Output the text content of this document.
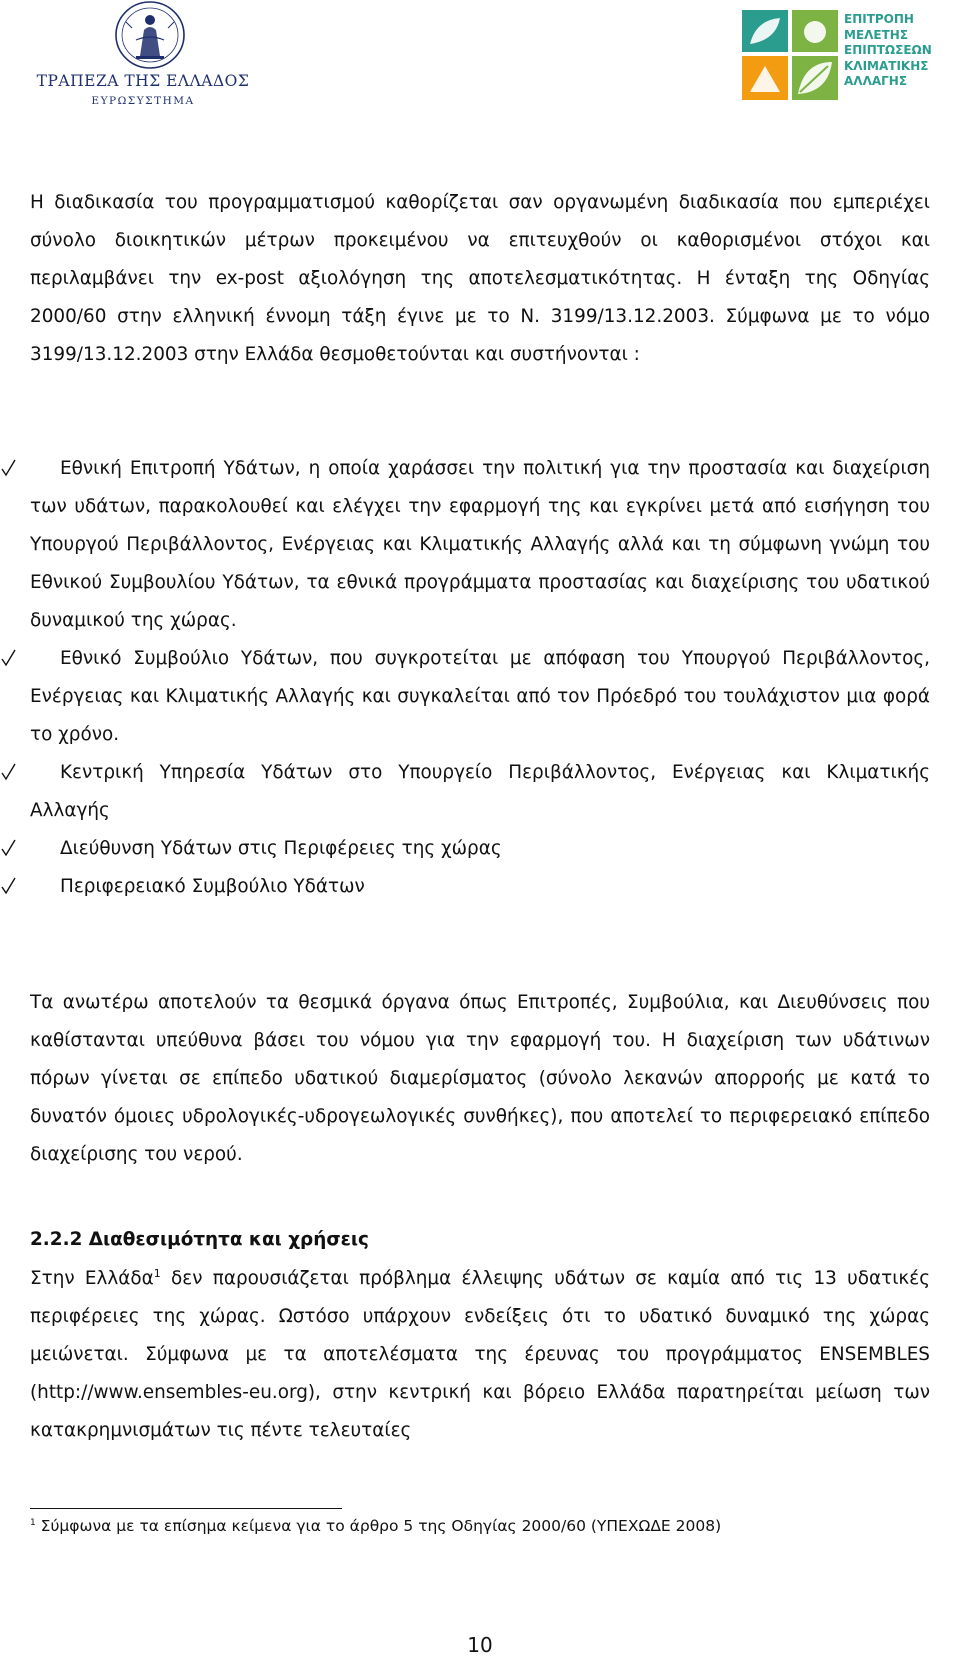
ΤΡΑΠΕΖΑ ΤΗΣ ΕΛΛΑΔΟΣ
ΕΥΡΩΣΥΣΤΗΜΑ
ΕΠΙΤΡΟΠΗ
ΜΕΛΕΤΗΣ
ΕΠΙΠΤΩΣΕΩΝ
ΚΛΙΜΑΤΙΚΗΣ
ΑΛΛΑΓΗΣ
Η διαδικασία του προγραμματισμού καθορίζεται σαν οργανωμένη διαδικασία που εμπεριέχει σύνολο διοικητικών μέτρων προκειμένου να επιτευχθούν οι καθορισμένοι στόχοι και περιλαμβάνει την ex-post αξιολόγηση της αποτελεσματικότητας. Η ένταξη της Οδηγίας 2000/60 στην ελληνική έννομη τάξη έγινε με το Ν. 3199/13.12.2003. Σύμφωνα με το νόμο 3199/13.12.2003 στην Ελλάδα θεσμοθετούνται και συστήνονται :
Εθνική Επιτροπή Υδάτων, η οποία χαράσσει την πολιτική για την προστασία και διαχείριση των υδάτων, παρακολουθεί και ελέγχει την εφαρμογή της και εγκρίνει μετά από εισήγηση του Υπουργού Περιβάλλοντος, Ενέργειας και Κλιματικής Αλλαγής αλλά και τη σύμφωνη γνώμη του Εθνικού Συμβουλίου Υδάτων, τα εθνικά προγράμματα προστασίας και διαχείρισης του υδατικού δυναμικού της χώρας.
Εθνικό Συμβούλιο Υδάτων, που συγκροτείται με απόφαση του Υπουργού Περιβάλλοντος, Ενέργειας και Κλιματικής Αλλαγής και συγκαλείται από τον Πρόεδρό του τουλάχιστον μια φορά το χρόνο.
Κεντρική Υπηρεσία Υδάτων στο Υπουργείο Περιβάλλοντος, Ενέργειας και Κλιματικής Αλλαγής
Διεύθυνση Υδάτων στις Περιφέρειες της χώρας
Περιφερειακό Συμβούλιο Υδάτων
Τα ανωτέρω αποτελούν τα θεσμικά όργανα όπως Επιτροπές, Συμβούλια, και Διευθύνσεις που καθίστανται υπεύθυνα βάσει του νόμου για την εφαρμογή του. Η διαχείριση των υδάτινων πόρων γίνεται σε επίπεδο υδατικού διαμερίσματος (σύνολο λεκανών απορροής με κατά το δυνατόν όμοιες υδρολογικές-υδρογεωλογικές συνθήκες), που αποτελεί το περιφερειακό επίπεδο διαχείρισης του νερού.
2.2.2 Διαθεσιμότητα και χρήσεις
Στην Ελλάδα$^1$ δεν παρουσιάζεται πρόβλημα έλλειψης υδάτων σε καμία από τις 13 υδατικές περιφέρειες της χώρας. Ωστόσο υπάρχουν ενδείξεις ότι το υδατικό δυναμικό της χώρας μειώνεται. Σύμφωνα με τα αποτελέσματα της έρευνας του προγράμματος ENSEMBLES (http://www.ensembles-eu.org), στην κεντρική και βόρειο Ελλάδα παρατηρείται μείωση των κατακρημνισμάτων τις πέντε τελευταίες
$^1$ Σύμφωνα με τα επίσημα κείμενα για το άρθρο 5 της Οδηγίας 2000/60 (ΥΠΕΧΩΔΕ 2008)
10
